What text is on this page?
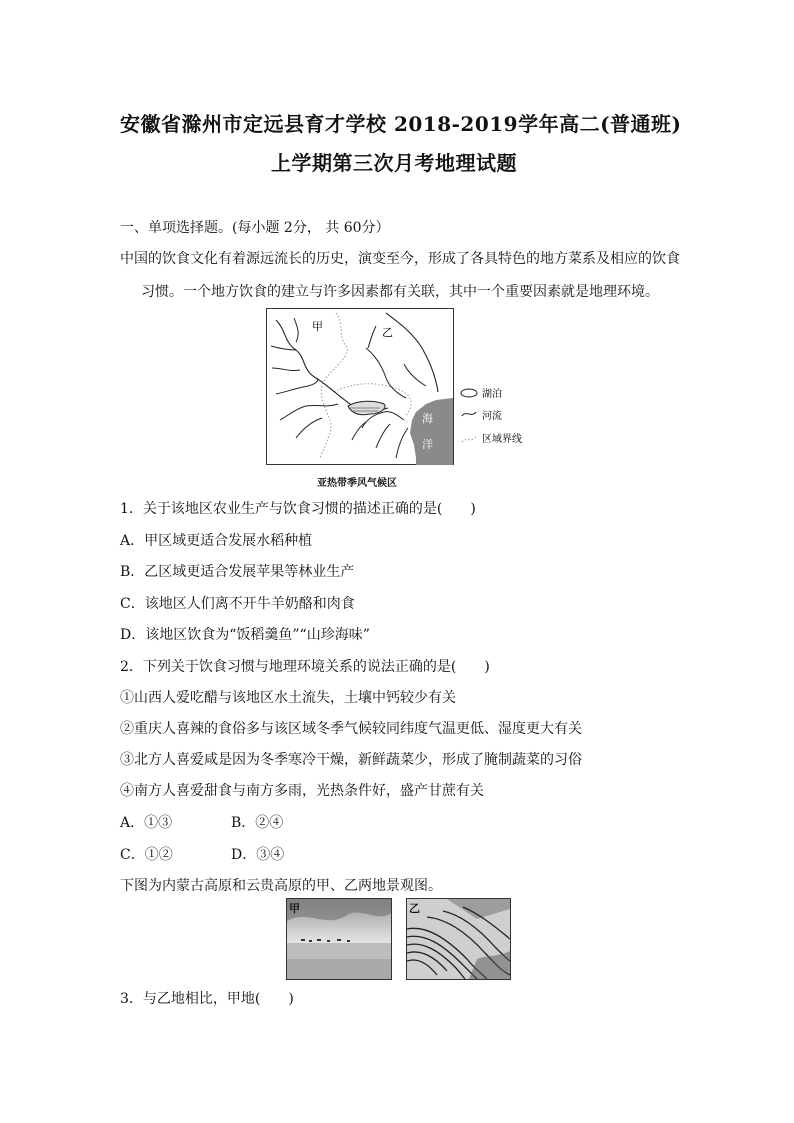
安徽省滁州市定远县育才学校 2018-2019学年高二(普通班)
上学期第三次月考地理试题
一、单项选择题。(每小题 2分， 共 60分）
中国的饮食文化有着源远流长的历史，演变至今，形成了各具特色的地方菜系及相应的饮食
习惯。一个地方饮食的建立与许多因素都有关联，其中一个重要因素就是地理环境。
甲	乙
海
洋
湖泊
河流
区域界线
亚热带季风气候区
1．关于该地区农业生产与饮食习惯的描述正确的是(　　)
A．甲区域更适合发展水稻种植
B．乙区域更适合发展苹果等林业生产
C．该地区人们离不开牛羊奶酪和肉食
D．该地区饮食为“饭稻羹鱼”“山珍海味”
2．下列关于饮食习惯与地理环境关系的说法正确的是(　　)
①山西人爱吃醋与该地区水土流失，土壤中钙较少有关
②重庆人喜辣的食俗多与该区域冬季气候较同纬度气温更低、湿度更大有关
③北方人喜爱咸是因为冬季寒冷干燥，新鲜蔬菜少，形成了腌制蔬菜的习俗
④南方人喜爱甜食与南方多雨，光热条件好，盛产甘蔗有关
A．①③	B．②④
C．①②	D．③④
下图为内蒙古高原和云贵高原的甲、乙两地景观图。
甲	乙
3．与乙地相比，甲地(　　)
